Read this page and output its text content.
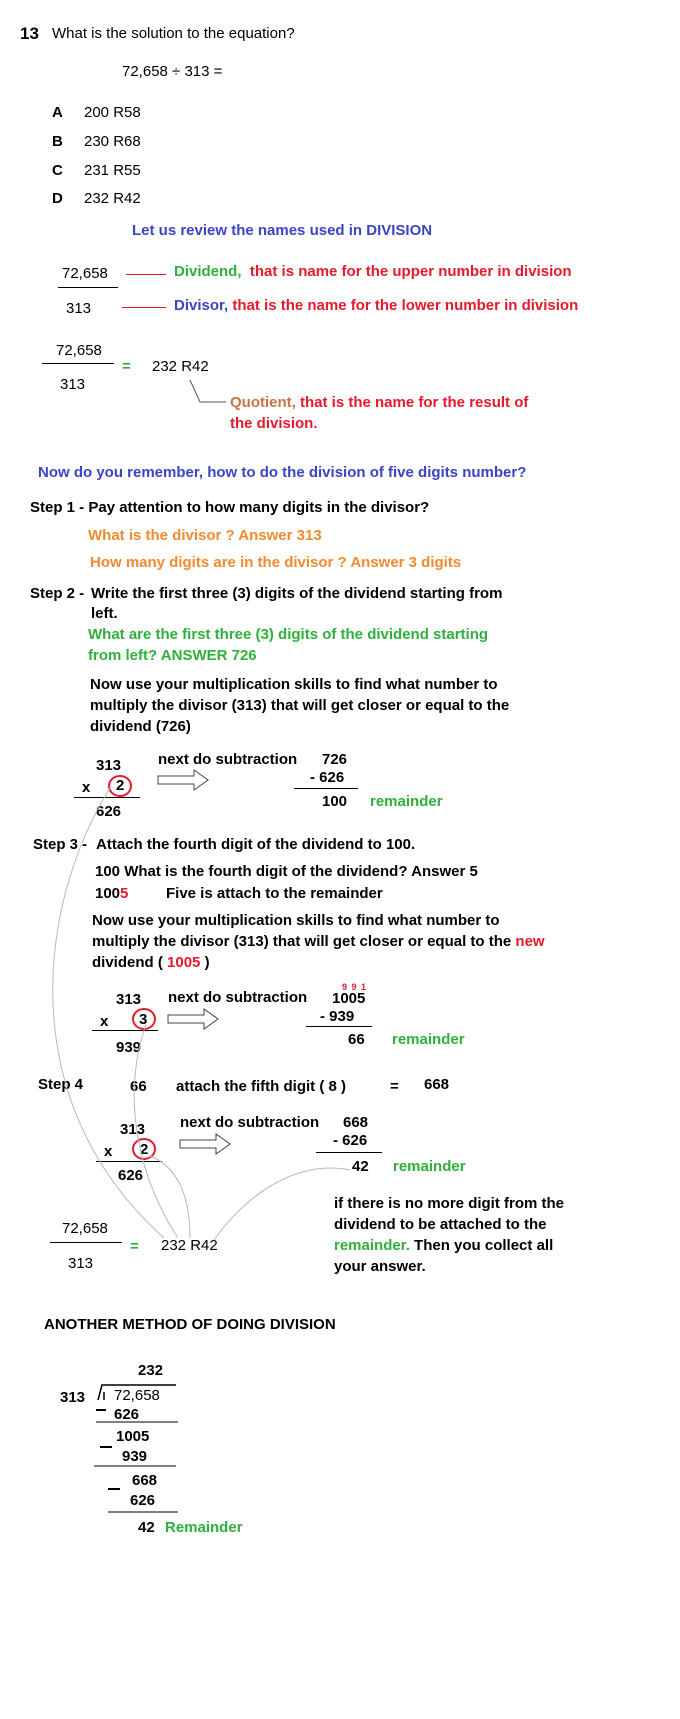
13 What is the solution to the equation?
72,658 ÷ 313 =
A 200 R58
B 230 R68
C 231 R55
D 232 R42
Let us review the names used in DIVISION
72,658
313
Dividend, that is name for the upper number in division
Divisor, that is the name for the lower number in division
72,658
313
= 232 R42
Quotient, that is the name for the result of
the division.
Now do you remember, how to do the division of five digits number?
Step 1 - Pay attention to how many digits in the divisor?
What is the divisor ? Answer 313
How many digits are in the divisor ? Answer 3 digits
Step 2 - Write the first three (3) digits of the dividend starting from
left.
What are the first three (3) digits of the dividend starting
from left? ANSWER 726
Now use your multiplication skills to find what number to
multiply the divisor (313) that will get closer or equal to the
dividend (726)
313
x 2
626
next do subtraction 726
- 626
100 remainder
Step 3 - Attach the fourth digit of the dividend to 100.
100 What is the fourth digit of the dividend? Answer 5
1005	Five is attach to the remainder
Now use your multiplication skills to find what number to
multiply the divisor (313) that will get closer or equal to the new
dividend ( 1005 )
313
x 3
939
next do subtraction
9 9 1
1005
- 939
66 remainder
Step 4	66 attach the fifth digit ( 8 )	= 668
313
x 2
626
next do subtraction 668
- 626
42 remainder
if there is no more digit from the
dividend to be attached to the
remainder. Then you collect all
your answer.
72,658
313
= 232 R42
ANOTHER METHOD OF DOING DIVISION
232
313 72,658
626
1005
939
668
626
42 Remainder
